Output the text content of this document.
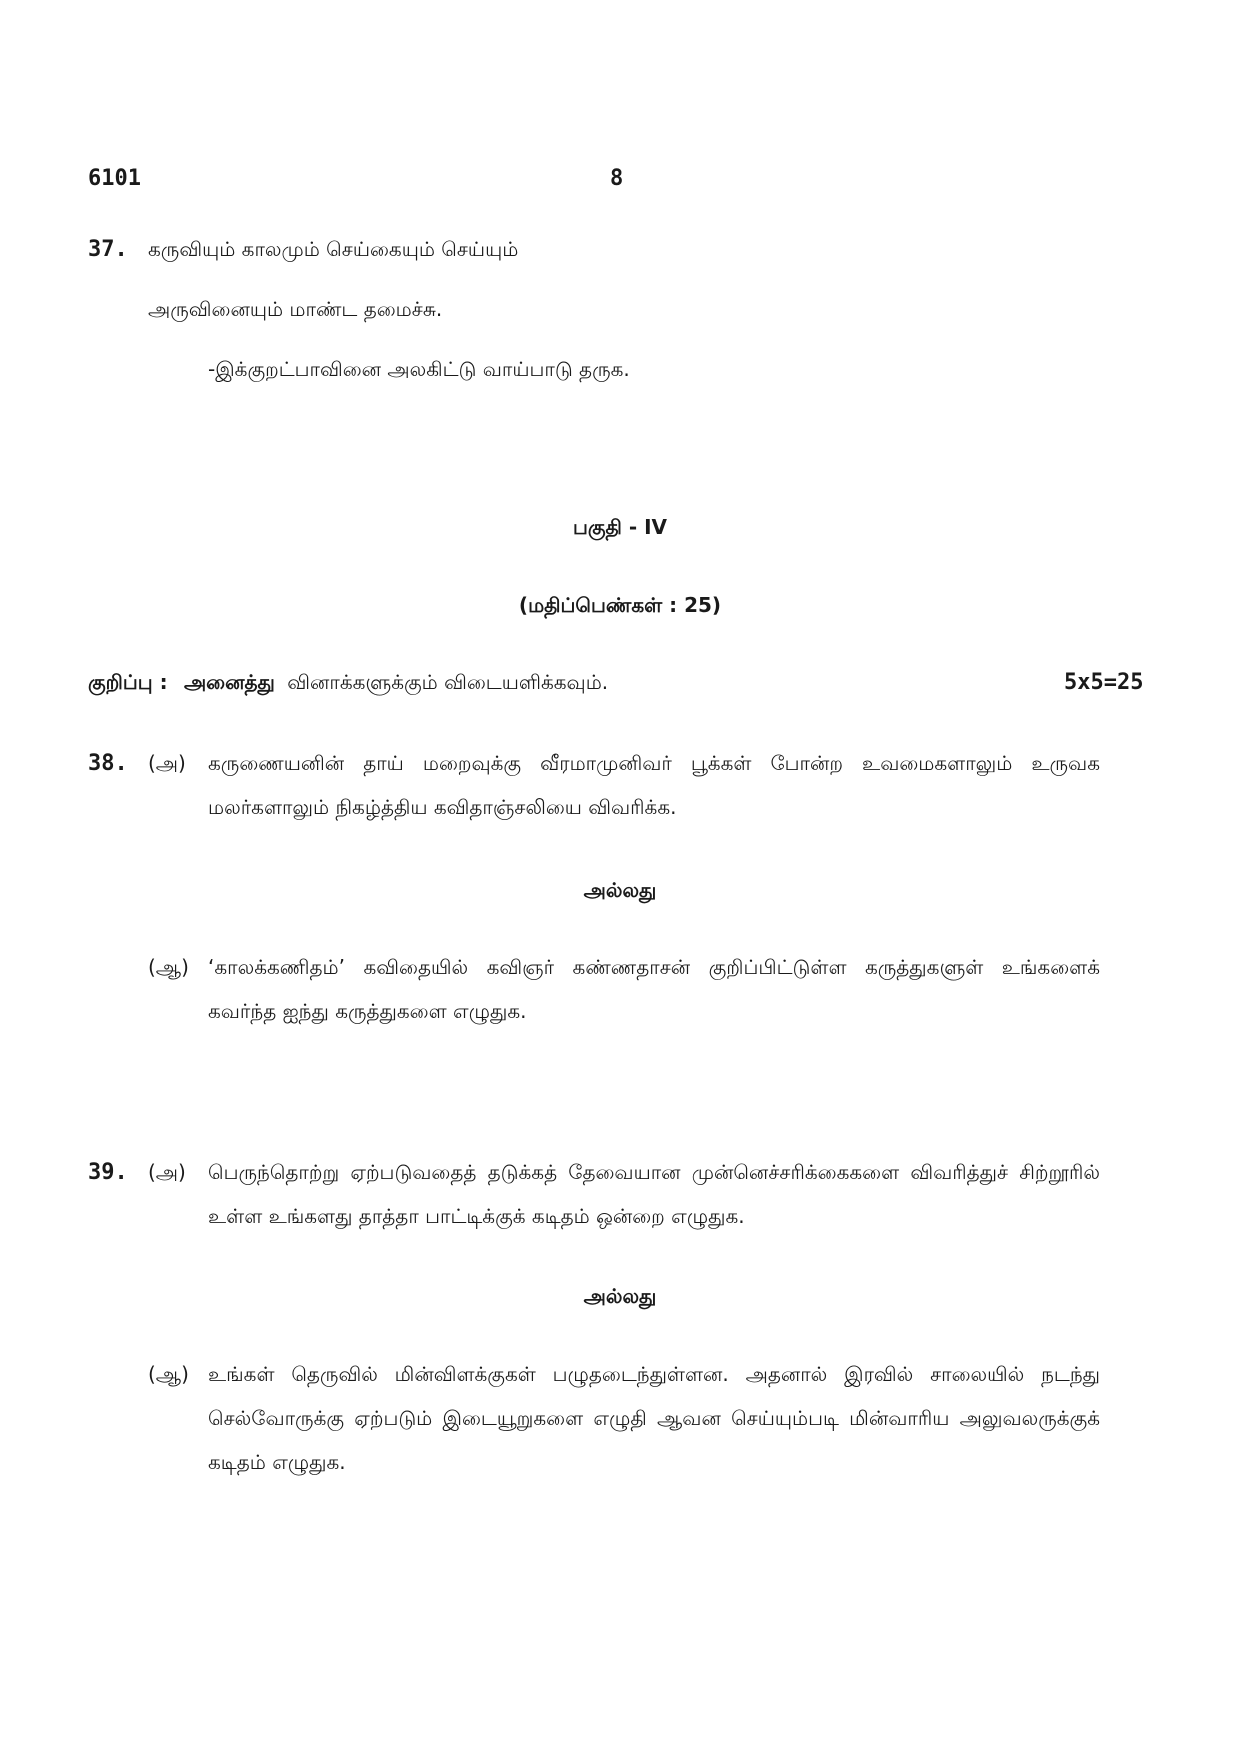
6101	8
37. கருவியும் காலமும் செய்கையும் செய்யும்
அருவினையும் மாண்ட தமைச்சு.
-இக்குறட்பாவினை அலகிட்டு வாய்பாடு தருக.
பகுதி - IV
(மதிப்பெண்கள் : 25)
குறிப்பு : அனைத்து வினாக்களுக்கும் விடையளிக்கவும்.	5x5=25
38. (அ) கருணையனின் தாய் மறைவுக்கு வீரமாமுனிவர் பூக்கள் போன்ற உவமைகளாலும் உருவக மலர்களாலும் நிகழ்த்திய கவிதாஞ்சலியை விவரிக்க.
அல்லது
(ஆ) ‘காலக்கணிதம்’ கவிதையில் கவிஞர் கண்ணதாசன் குறிப்பிட்டுள்ள கருத்துகளுள் உங்களைக் கவர்ந்த ஐந்து கருத்துகளை எழுதுக.
39. (அ) பெருந்தொற்று ஏற்படுவதைத் தடுக்கத் தேவையான முன்னெச்சரிக்கைகளை விவரித்துச் சிற்றூரில் உள்ள உங்களது தாத்தா பாட்டிக்குக் கடிதம் ஒன்றை எழுதுக.
அல்லது
(ஆ) உங்கள் தெருவில் மின்விளக்குகள் பழுதடைந்துள்ளன. அதனால் இரவில் சாலையில் நடந்து செல்வோருக்கு ஏற்படும் இடையூறுகளை எழுதி ஆவன செய்யும்படி மின்வாரிய அலுவலருக்குக் கடிதம் எழுதுக.
